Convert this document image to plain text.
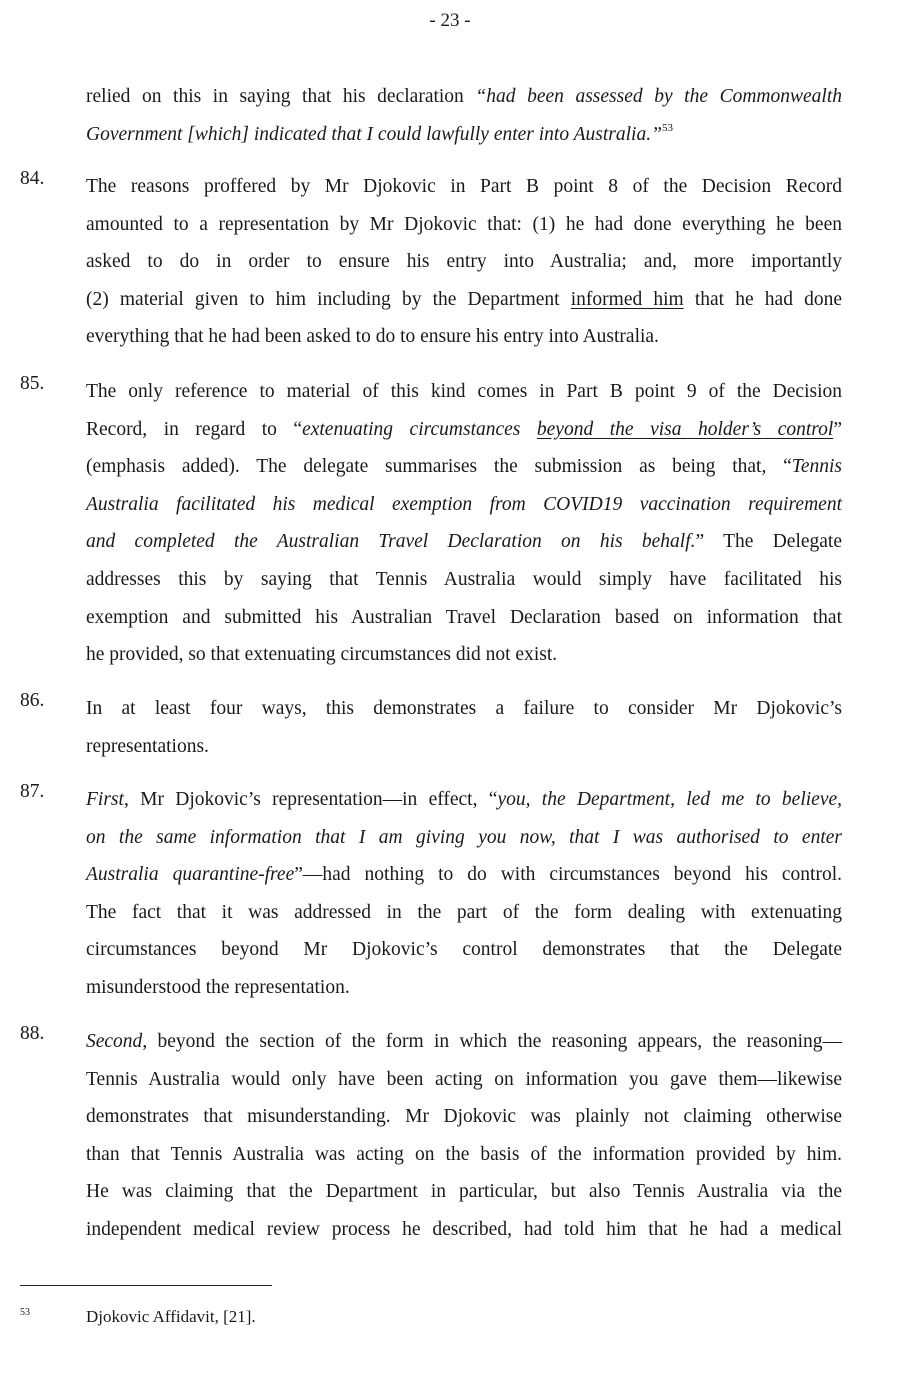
- 23 -
relied on this in saying that his declaration “had been assessed by the Commonwealth
Government [which] indicated that I could lawfully enter into Australia.”$^{53}$
84. The reasons proffered by Mr Djokovic in Part B point 8 of the Decision Record
amounted to a representation by Mr Djokovic that: (1) he had done everything he been
asked to do in order to ensure his entry into Australia; and, more importantly
(2) material given to him including by the Department informed him that he had done
everything that he had been asked to do to ensure his entry into Australia.
85. The only reference to material of this kind comes in Part B point 9 of the Decision
Record, in regard to “extenuating circumstances beyond the visa holder’s control”
(emphasis added). The delegate summarises the submission as being that, “Tennis
Australia facilitated his medical exemption from COVID19 vaccination requirement
and completed the Australian Travel Declaration on his behalf.” The Delegate
addresses this by saying that Tennis Australia would simply have facilitated his
exemption and submitted his Australian Travel Declaration based on information that
he provided, so that extenuating circumstances did not exist.
86. In at least four ways, this demonstrates a failure to consider Mr Djokovic’s
representations.
87. First, Mr Djokovic’s representation—in effect, “you, the Department, led me to believe,
on the same information that I am giving you now, that I was authorised to enter
Australia quarantine-free”—had nothing to do with circumstances beyond his control.
The fact that it was addressed in the part of the form dealing with extenuating
circumstances beyond Mr Djokovic’s control demonstrates that the Delegate
misunderstood the representation.
88. Second, beyond the section of the form in which the reasoning appears, the reasoning—
Tennis Australia would only have been acting on information you gave them—likewise
demonstrates that misunderstanding. Mr Djokovic was plainly not claiming otherwise
than that Tennis Australia was acting on the basis of the information provided by him.
He was claiming that the Department in particular, but also Tennis Australia via the
independent medical review process he described, had told him that he had a medical
53	Djokovic Affidavit, [21].
